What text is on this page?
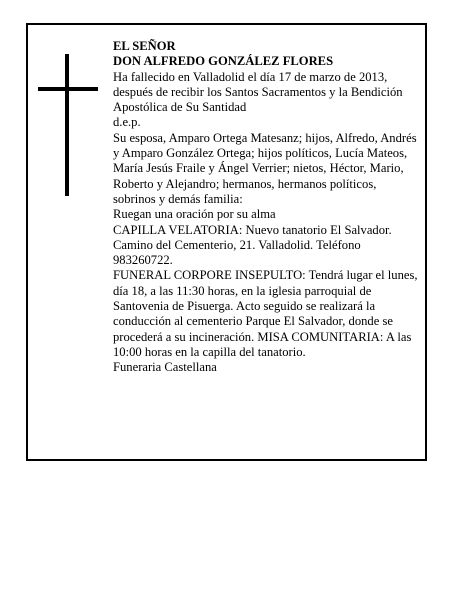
EL SEÑOR

DON ALFREDO GONZÁLEZ FLORES

Ha fallecido en Valladolid el día 17 de marzo de 2013, después de recibir los Santos Sacramentos y la Bendición Apostólica de Su Santidad

d.e.p.

Su esposa, Amparo Ortega Matesanz; hijos, Alfredo, Andrés y Amparo González Ortega; hijos políticos, Lucía Mateos, María Jesús Fraile y Ángel Verrier; nietos, Héctor, Mario, Roberto y Alejandro; hermanos, hermanos políticos, sobrinos y demás familia:

Ruegan una oración por su alma

CAPILLA VELATORIA: Nuevo tanatorio El Salvador. Camino del Cementerio, 21. Valladolid. Teléfono 983260722.

FUNERAL CORPORE INSEPULTO: Tendrá lugar el lunes, día 18, a las 11:30 horas, en la iglesia parroquial de Santovenia de Pisuerga. Acto seguido se realizará la conducción al cementerio Parque El Salvador, donde se procederá a su incineración. MISA COMUNITARIA: A las 10:00 horas en la capilla del tanatorio.

Funeraria Castellana
